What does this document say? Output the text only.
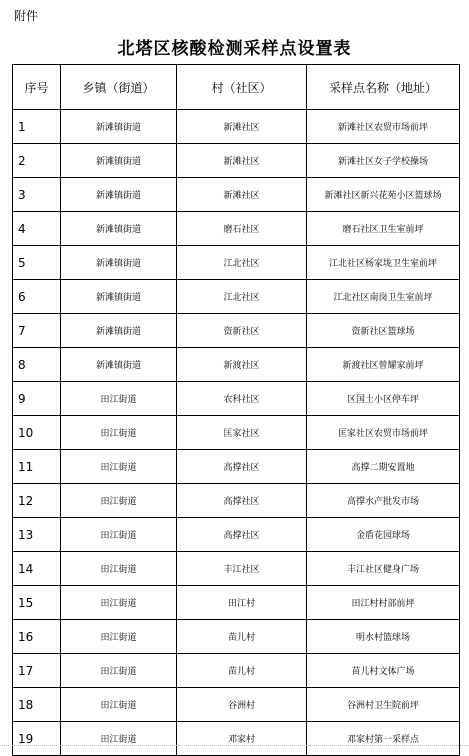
附件
北塔区核酸检测采样点设置表
序号	乡镇（街道）	村（社区）	采样点名称（地址）
1	新滩镇街道	新滩社区	新滩社区农贸市场前坪
2	新滩镇街道	新滩社区	新滩社区女子学校操场
3	新滩镇街道	新滩社区	新滩社区新兴花苑小区篮球场
4	新滩镇街道	磨石社区	磨石社区卫生室前坪
5	新滩镇街道	江北社区	江北社区杨家垅卫生室前坪
6	新滩镇街道	江北社区	江北社区南岗卫生室前坪
7	新滩镇街道	资新社区	资新社区篮球场
8	新滩镇街道	新渡社区	新渡社区曾耀家前坪
9	田江街道	农科社区	区国土小区停车坪
10	田江街道	匡家社区	匡家社区农贸市场前坪
11	田江街道	高撑社区	高撑二期安置地
12	田江街道	高撑社区	高撑水产批发市场
13	田江街道	高撑社区	金盾花园球场
14	田江街道	丰江社区	丰江社区健身广场
15	田江街道	田江村	田江村村部前坪
16	田江街道	苗儿村	明水村篮球场
17	田江街道	苗儿村	苗儿村文体广场
18	田江街道	谷洲村	谷洲村卫生院前坪
19	田江街道	邓家村	邓家村第一采样点
